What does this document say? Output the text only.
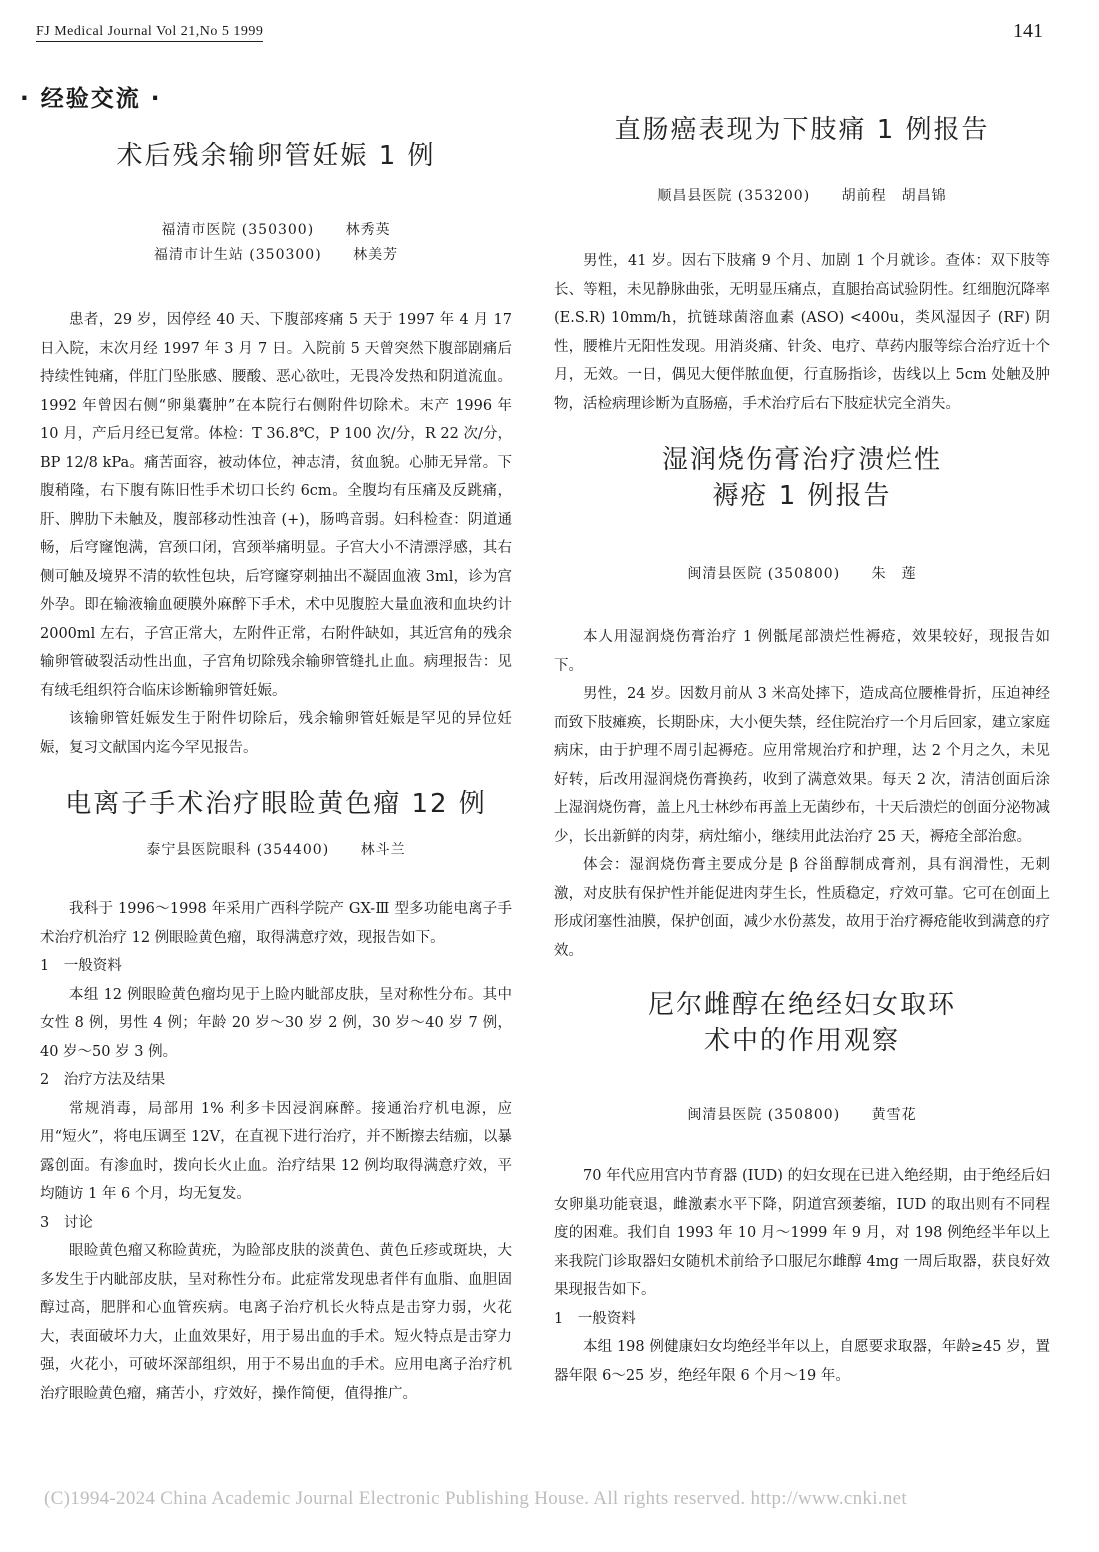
FJ Medical Journal Vol 21,No 5 1999	141
· 经验交流 ·
术后残余输卵管妊娠 1 例
福清市医院 (350300) 林秀英
福清市计生站 (350300) 林美芳

患者，29 岁，因停经 40 天、下腹部疼痛 5 天于 1997 年 4 月 17 日入院，末次月经 1997 年 3 月 7 日。入院前 5 天曾突然下腹部剧痛后持续性钝痛，伴肛门坠胀感、腰酸、恶心欲吐，无畏冷发热和阴道流血。1992 年曾因右侧“卵巢囊肿”在本院行右侧附件切除术。末产 1996 年 10 月，产后月经已复常。体检：T 36.8℃，P 100 次/分，R 22 次/分，BP 12/8 kPa。痛苦面容，被动体位，神志清，贫血貌。心肺无异常。下腹稍隆，右下腹有陈旧性手术切口长约 6cm。全腹均有压痛及反跳痛，肝、脾肋下未触及，腹部移动性浊音 (+)，肠鸣音弱。妇科检查：阴道通畅，后穹窿饱满，宫颈口闭，宫颈举痛明显。子宫大小不清漂浮感，其右侧可触及境界不清的软性包块，后穹窿穿刺抽出不凝固血液 3ml，诊为宫外孕。即在输液输血硬膜外麻醉下手术，术中见腹腔大量血液和血块约计 2000ml 左右，子宫正常大，左附件正常，右附件缺如，其近宫角的残余输卵管破裂活动性出血，子宫角切除残余输卵管缝扎止血。病理报告：见有绒毛组织符合临床诊断输卵管妊娠。

该输卵管妊娠发生于附件切除后，残余输卵管妊娠是罕见的异位妊娠，复习文献国内迄今罕见报告。

电离子手术治疗眼睑黄色瘤 12 例
泰宁县医院眼科 (354400) 林斗兰

我科于 1996～1998 年采用广西科学院产 GX-Ⅲ 型多功能电离子手术治疗机治疗 12 例眼睑黄色瘤，取得满意疗效，现报告如下。

1　一般资料

本组 12 例眼睑黄色瘤均见于上睑内眦部皮肤，呈对称性分布。其中女性 8 例，男性 4 例；年龄 20 岁～30 岁 2 例，30 岁～40 岁 7 例，40 岁～50 岁 3 例。

2　治疗方法及结果

常规消毒，局部用 1% 利多卡因浸润麻醉。接通治疗机电源，应用“短火”，将电压调至 12V，在直视下进行治疗，并不断擦去结痂，以暴露创面。有渗血时，拨向长火止血。治疗结果 12 例均取得满意疗效，平均随访 1 年 6 个月，均无复发。

3　讨论

眼睑黄色瘤又称睑黄疣，为睑部皮肤的淡黄色、黄色丘疹或斑块，大多发生于内眦部皮肤，呈对称性分布。此症常发现患者伴有血脂、血胆固醇过高，肥胖和心血管疾病。电离子治疗机长火特点是击穿力弱，火花大，表面破坏力大，止血效果好，用于易出血的手术。短火特点是击穿力强，火花小，可破坏深部组织，用于不易出血的手术。应用电离子治疗机治疗眼睑黄色瘤，痛苦小，疗效好，操作简便，值得推广。

直肠癌表现为下肢痛 1 例报告
顺昌县医院 (353200) 胡前程　胡昌锦

男性，41 岁。因右下肢痛 9 个月、加剧 1 个月就诊。查体：双下肢等长、等粗，未见静脉曲张，无明显压痛点，直腿抬高试验阴性。红细胞沉降率 (E.S.R) 10mm/h，抗链球菌溶血素 (ASO) <400u，类风湿因子 (RF) 阴性，腰椎片无阳性发现。用消炎痛、针灸、电疗、草药内服等综合治疗近十个月，无效。一日，偶见大便伴脓血便，行直肠指诊，齿线以上 5cm 处触及肿物，活检病理诊断为直肠癌，手术治疗后右下肢症状完全消失。

湿润烧伤膏治疗溃烂性
褥疮 1 例报告
闽清县医院 (350800) 朱　莲

本人用湿润烧伤膏治疗 1 例骶尾部溃烂性褥疮，效果较好，现报告如下。

男性，24 岁。因数月前从 3 米高处摔下，造成高位腰椎骨折，压迫神经而致下肢瘫痪，长期卧床，大小便失禁，经住院治疗一个月后回家，建立家庭病床，由于护理不周引起褥疮。应用常规治疗和护理，达 2 个月之久，未见好转，后改用湿润烧伤膏换药，收到了满意效果。每天 2 次，清洁创面后涂上湿润烧伤膏，盖上凡士林纱布再盖上无菌纱布，十天后溃烂的创面分泌物减少，长出新鲜的肉芽，病灶缩小，继续用此法治疗 25 天，褥疮全部治愈。

体会：湿润烧伤膏主要成分是 β 谷甾醇制成膏剂，具有润滑性，无刺激，对皮肤有保护性并能促进肉芽生长，性质稳定，疗效可靠。它可在创面上形成闭塞性油膜，保护创面，减少水份蒸发，故用于治疗褥疮能收到满意的疗效。

尼尔雌醇在绝经妇女取环
术中的作用观察
闽清县医院 (350800) 黄雪花

70 年代应用宫内节育器 (IUD) 的妇女现在已进入绝经期，由于绝经后妇女卵巢功能衰退，雌激素水平下降，阴道宫颈萎缩，IUD 的取出则有不同程度的困难。我们自 1993 年 10 月～1999 年 9 月，对 198 例绝经半年以上来我院门诊取器妇女随机术前给予口服尼尔雌醇 4mg 一周后取器，获良好效果现报告如下。

1　一般资料

本组 198 例健康妇女均绝经半年以上，自愿要求取器，年龄≥45 岁，置器年限 6～25 岁，绝经年限 6 个月～19 年。

(C)1994-2024 China Academic Journal Electronic Publishing House. All rights reserved. http://www.cnki.net
